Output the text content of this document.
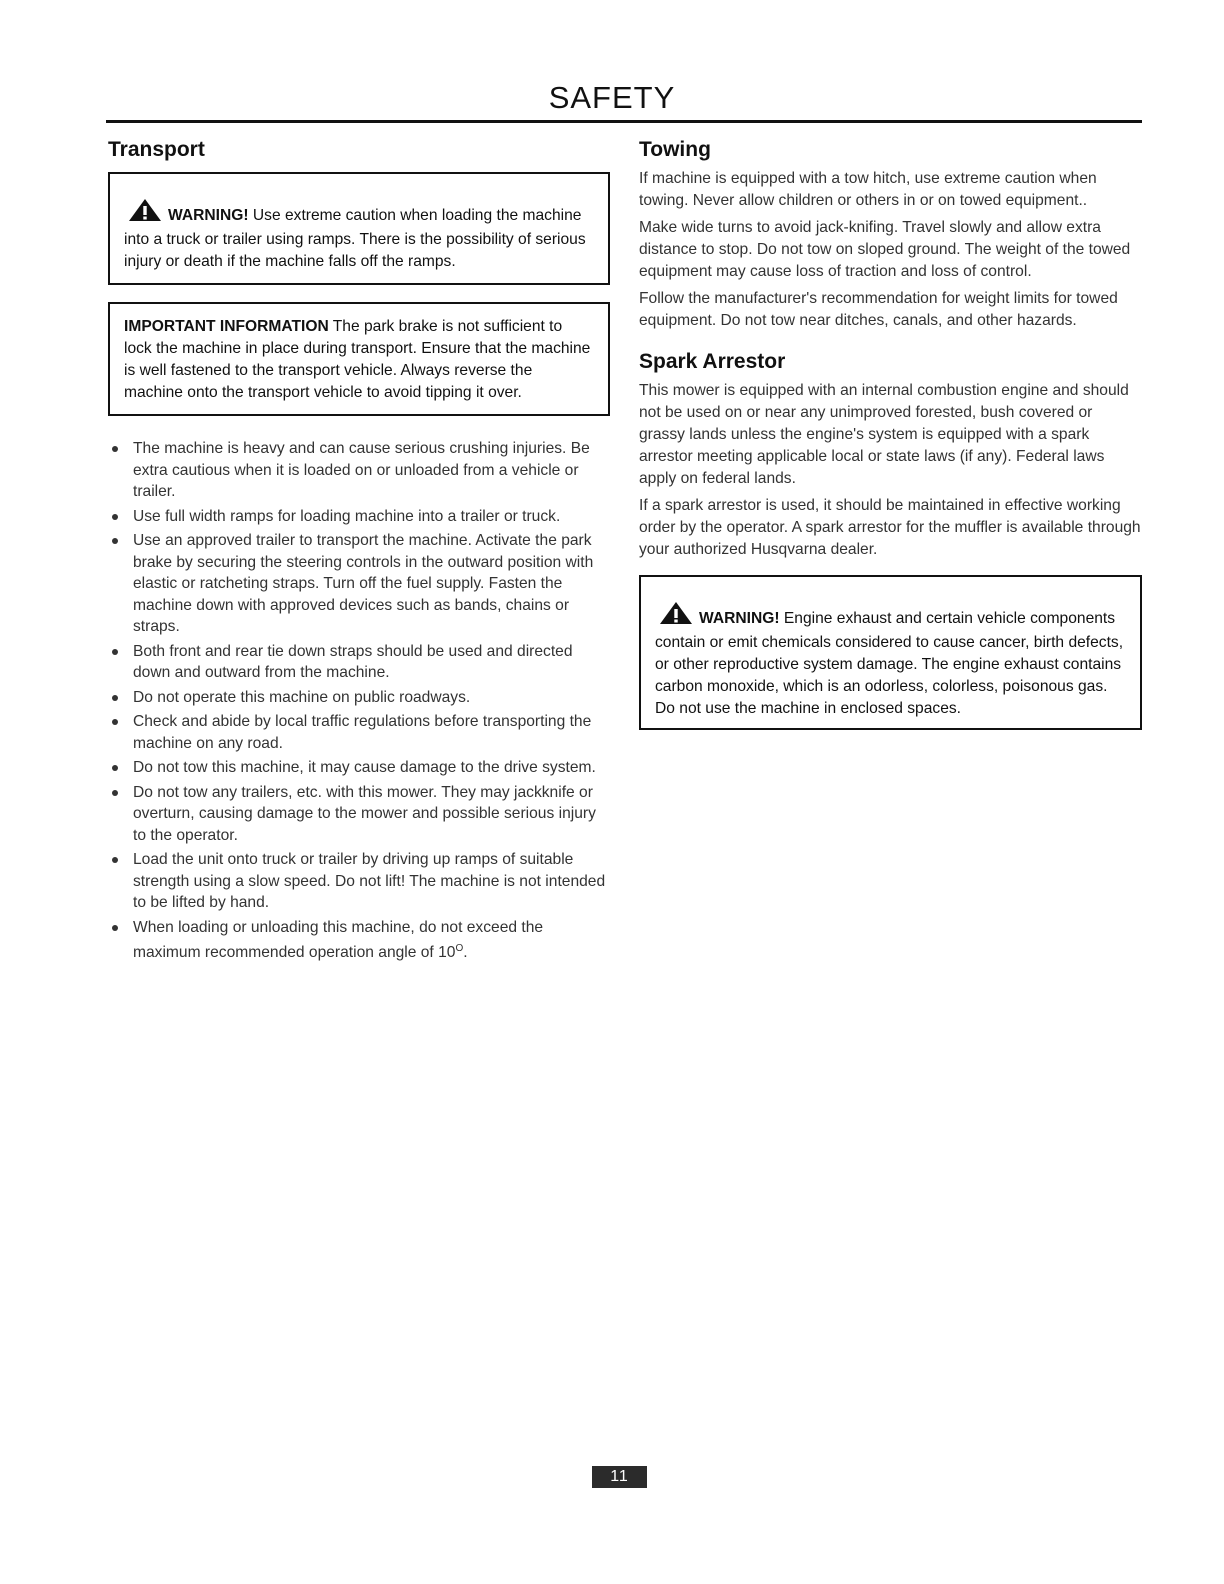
SAFETY
Transport
WARNING! Use extreme caution when loading the machine into a truck or trailer using ramps. There is the possibility of serious injury or death if the machine falls off the ramps.
IMPORTANT INFORMATION The park brake is not sufficient to lock the machine in place during transport. Ensure that the machine is well fastened to the transport vehicle. Always reverse the machine onto the transport vehicle to avoid tipping it over.
The machine is heavy and can cause serious crushing injuries. Be extra cautious when it is loaded on or unloaded from a vehicle or trailer.
Use full width ramps for loading machine into a trailer or truck.
Use an approved trailer to transport the machine. Activate the park brake by securing the steering controls in the outward position with elastic or ratcheting straps. Turn off the fuel supply. Fasten the machine down with approved devices such as bands, chains or straps.
Both front and rear tie down straps should be used and directed down and outward from the machine.
Do not operate this machine on public roadways.
Check and abide by local traffic regulations before transporting the machine on any road.
Do not tow this machine, it may cause damage to the drive system.
Do not tow any trailers, etc. with this mower. They may jackknife or overturn, causing damage to the mower and possible serious injury to the operator.
Load the unit onto truck or trailer by driving up ramps of suitable strength using a slow speed. Do not lift! The machine is not intended to be lifted by hand.
When loading or unloading this machine, do not exceed the maximum recommended operation angle of $10^O$.
Towing

If machine is equipped with a tow hitch, use extreme caution when towing. Never allow children or others in or on towed equipment..

Make wide turns to avoid jack-knifing. Travel slowly and allow extra distance to stop. Do not tow on sloped ground. The weight of the towed equipment may cause loss of traction and loss of control.

Follow the manufacturer's recommendation for weight limits for towed equipment. Do not tow near ditches, canals, and other hazards.

Spark Arrestor

This mower is equipped with an internal combustion engine and should not be used on or near any unimproved forested, bush covered or grassy lands unless the engine's system is equipped with a spark arrestor meeting applicable local or state laws (if any). Federal laws apply on federal lands.

If a spark arrestor is used, it should be maintained in effective working order by the operator. A spark arrestor for the muffler is available through your authorized Husqvarna dealer.

WARNING! Engine exhaust and certain vehicle components contain or emit chemicals considered to cause cancer, birth defects, or other reproductive system damage. The engine exhaust contains carbon monoxide, which is an odorless, colorless, poisonous gas. Do not use the machine in enclosed spaces.
11
